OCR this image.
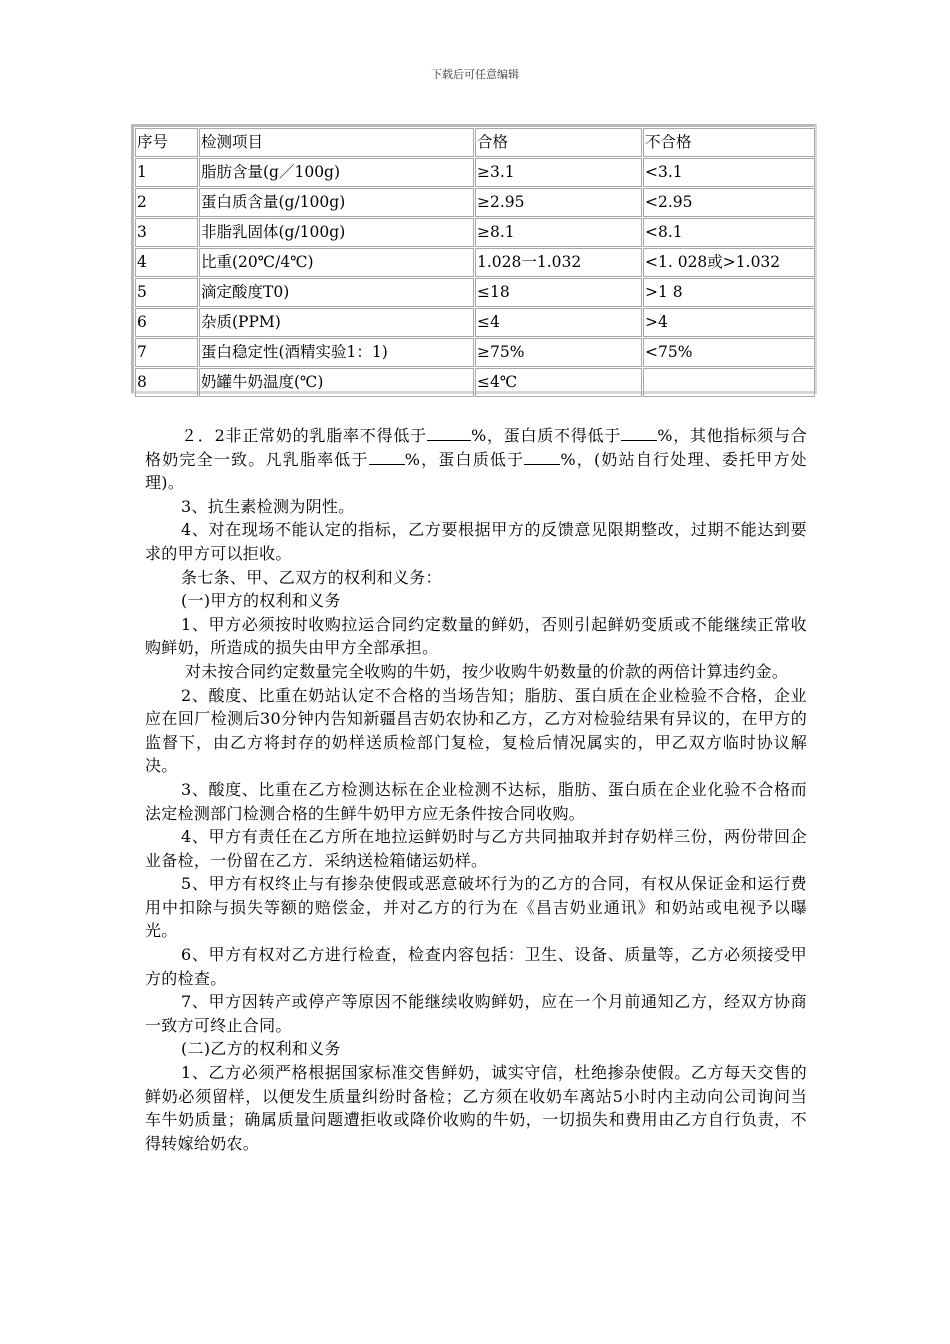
下载后可任意编辑
序号	检测项目	合格	不合格
1	脂肪含量(g／100g)	≥3.1	<3.1
2	蛋白质含量(g/100g)	≥2.95	<2.95
3	非脂乳固体(g/100g)	≥8.1	<8.1
4	比重(20℃/4℃)	1.028一1.032	<1. 028或>1.032
5	滴定酸度T0)	≤18	>1 8
6	杂质(PPM)	≤4	>4
7	蛋白稳定性(酒精实验1：1)	≥75%	<75%
8	奶罐牛奶温度(℃)	≤4℃	

２．2非正常奶的乳脂率不得低于	%，蛋白质不得低于 %，其他指标须与合格奶完全一致。凡乳脂率低于 %，蛋白质低于 %，(奶站自行处理、委托甲方处理)。

3、抗生素检测为阴性。

4、对在现场不能认定的指标，乙方要根据甲方的反馈意见限期整改，过期不能达到要求的甲方可以拒收。

条七条、甲、乙双方的权利和义务：

(一)甲方的权利和义务

1、甲方必须按时收购拉运合同约定数量的鲜奶，否则引起鲜奶变质或不能继续正常收购鲜奶，所造成的损失由甲方全部承担。

对未按合同约定数量完全收购的牛奶，按少收购牛奶数量的价款的两倍计算违约金。

2、酸度、比重在奶站认定不合格的当场告知；脂肪、蛋白质在企业检验不合格，企业应在回厂检测后30分钟内告知新疆昌吉奶农协和乙方，乙方对检验结果有异议的，在甲方的监督下，由乙方将封存的奶样送质检部门复检，复检后情况属实的，甲乙双方临时协议解决。

3、酸度、比重在乙方检测达标在企业检测不达标，脂肪、蛋白质在企业化验不合格而法定检测部门检测合格的生鲜牛奶甲方应无条件按合同收购。

4、甲方有责任在乙方所在地拉运鲜奶时与乙方共同抽取并封存奶样三份，两份带回企业备检，一份留在乙方．采纳送检箱储运奶样。

5、甲方有权终止与有掺杂使假或恶意破坏行为的乙方的合同，有权从保证金和运行费用中扣除与损失等额的赔偿金，并对乙方的行为在《昌吉奶业通讯》和奶站或电视予以曝光。

6、甲方有权对乙方进行检查，检查内容包括：卫生、设备、质量等，乙方必须接受甲方的检查。

7、甲方因转产或停产等原因不能继续收购鲜奶，应在一个月前通知乙方，经双方协商一致方可终止合同。

(二)乙方的权利和义务

1、乙方必须严格根据国家标准交售鲜奶，诚实守信，杜绝掺杂使假。乙方每天交售的鲜奶必须留样，以便发生质量纠纷时备检；乙方须在收奶车离站5小时内主动向公司询问当车牛奶质量；确属质量问题遭拒收或降价收购的牛奶，一切损失和费用由乙方自行负责，不得转嫁给奶农。
